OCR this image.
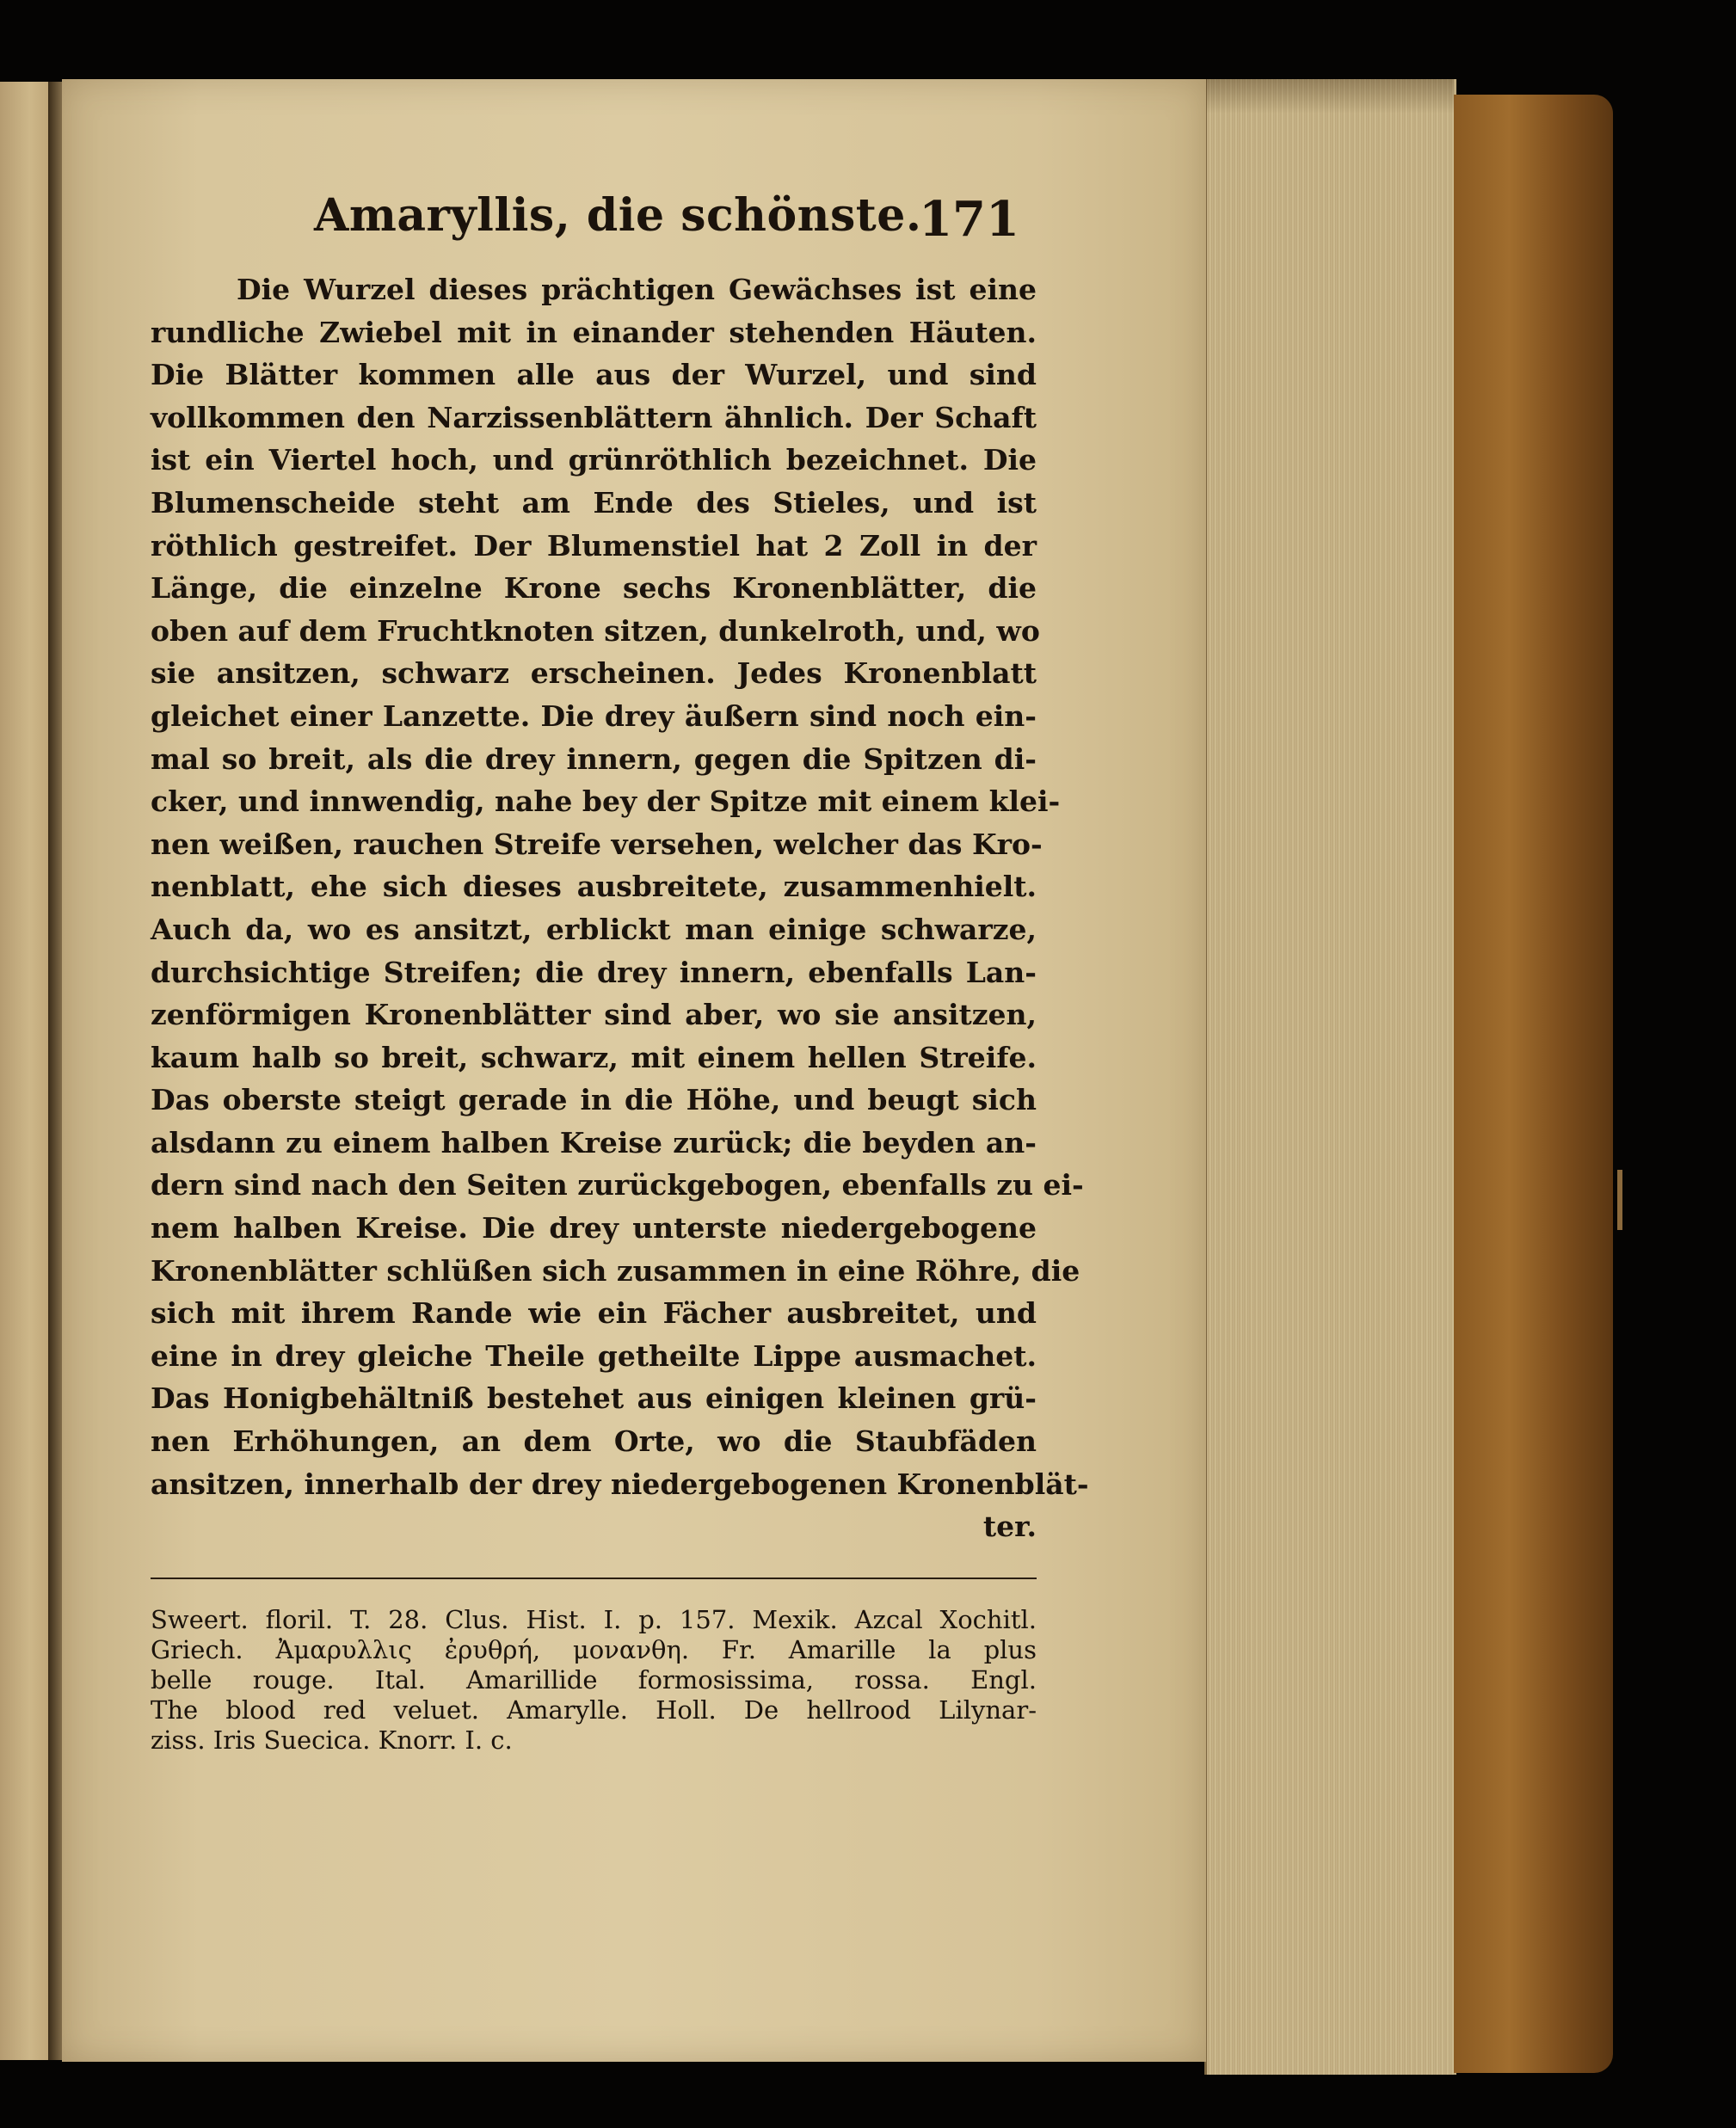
Amaryllis, die schönste.
171
Die Wurzel dieses prächtigen Gewächses ist eine
rundliche Zwiebel mit in einander stehenden Häuten.
Die Blätter kommen alle aus der Wurzel, und sind
vollkommen den Narzissenblättern ähnlich. Der Schaft
ist ein Viertel hoch, und grünröthlich bezeichnet. Die
Blumenscheide steht am Ende des Stieles, und ist
röthlich gestreifet. Der Blumenstiel hat 2 Zoll in der
Länge, die einzelne Krone sechs Kronenblätter, die
oben auf dem Fruchtknoten sitzen, dunkelroth, und, wo
sie ansitzen, schwarz erscheinen. Jedes Kronenblatt
gleichet einer Lanzette. Die drey äußern sind noch ein-
mal so breit, als die drey innern, gegen die Spitzen di-
cker, und innwendig, nahe bey der Spitze mit einem klei-
nen weißen, rauchen Streife versehen, welcher das Kro-
nenblatt, ehe sich dieses ausbreitete, zusammenhielt.
Auch da, wo es ansitzt, erblickt man einige schwarze,
durchsichtige Streifen; die drey innern, ebenfalls Lan-
zenförmigen Kronenblätter sind aber, wo sie ansitzen,
kaum halb so breit, schwarz, mit einem hellen Streife.
Das oberste steigt gerade in die Höhe, und beugt sich
alsdann zu einem halben Kreise zurück; die beyden an-
dern sind nach den Seiten zurückgebogen, ebenfalls zu ei-
nem halben Kreise. Die drey unterste niedergebogene
Kronenblätter schlüßen sich zusammen in eine Röhre, die
sich mit ihrem Rande wie ein Fächer ausbreitet, und
eine in drey gleiche Theile getheilte Lippe ausmachet.
Das Honigbehältniß bestehet aus einigen kleinen grü-
nen Erhöhungen, an dem Orte, wo die Staubfäden
ansitzen, innerhalb der drey niedergebogenen Kronenblät-
ter.
Sweert. floril. T. 28. Clus. Hist. I. p. 157. Mexik. Azcal Xochitl.
Griech. Ἀμαρυλλις ἐρυθρή, μονανθη. Fr. Amarille la plus
belle rouge. Ital. Amarillide formosissima, rossa. Engl.
The blood red veluet. Amarylle. Holl. De hellrood Lilynar-
ziss. Iris Suecica. Knorr. I. c.
